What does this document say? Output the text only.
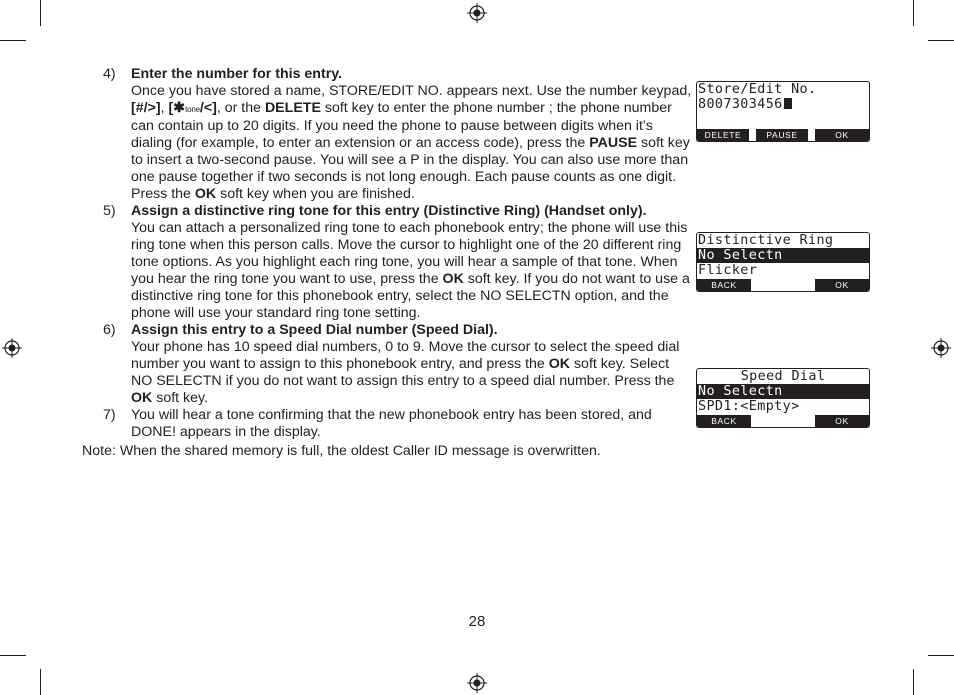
4) Enter the number for this entry.

Once you have stored a name, STORE/EDIT NO. appears next. Use the number keypad, [#/>], [✱tone/<], or the DELETE soft key to enter the phone number ; the phone number can contain up to 20 digits. If you need the phone to pause between digits when it’s dialing (for example, to enter an extension or an access code), press the PAUSE soft key to insert a two-second pause. You will see a P in the display. You can also use more than one pause together if two seconds is not long enough. Each pause counts as one digit. Press the OK soft key when you are finished.

5) Assign a distinctive ring tone for this entry (Distinctive Ring) (Handset only).

You can attach a personalized ring tone to each phonebook entry; the phone will use this ring tone when this person calls. Move the cursor to highlight one of the 20 different ring tone options. As you highlight each ring tone, you will hear a sample of that tone. When you hear the ring tone you want to use, press the OK soft key. If you do not want to use a distinctive ring tone for this phonebook entry, select the NO SELECTN option, and the phone will use your standard ring tone setting.

6) Assign this entry to a Speed Dial number (Speed Dial).

Your phone has 10 speed dial numbers, 0 to 9. Move the cursor to select the speed dial number you want to assign to this phonebook entry, and press the OK soft key. Select NO SELECTN if you do not want to assign this entry to a speed dial number. Press the OK soft key.

7) You will hear a tone confirming that the new phonebook entry has been stored, and DONE! appears in the display.

Note: When the shared memory is full, the oldest Caller ID message is overwritten.

Store/Edit No.
8007303456
DELETE	PAUSE	OK
Distinctive Ring
No Selectn
Flicker
BACK	OK
Speed Dial
No Selectn
SPD1:<Empty>
BACK	OK
28
